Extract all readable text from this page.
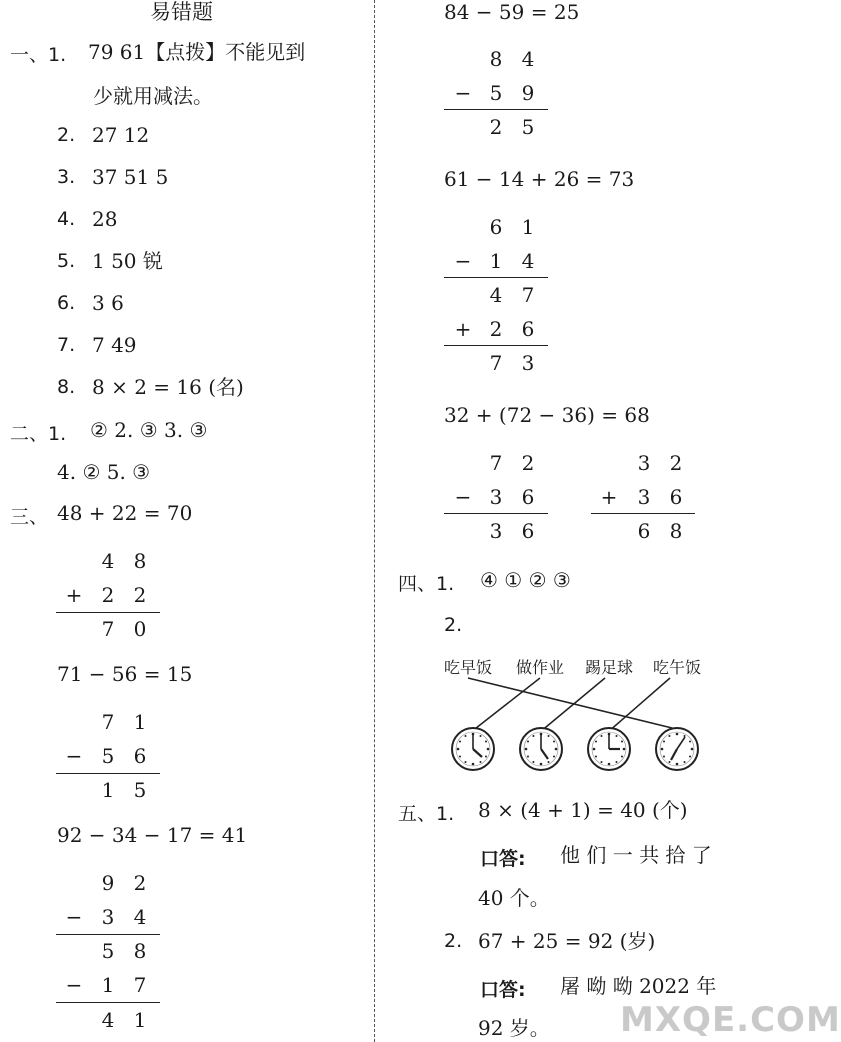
易错题
一、1. 79 61【点拨】不能见到
少就用减法。
2. 27 12
3. 37 51 5
4. 28
5. 1 50 锐
6. 3 6
7. 7 49
8. 8 × 2 = 16 (名)
二、1. ② 2. ③ 3. ③
4. ② 5. ③
三、 48 + 22 = 70
4 8
+ 2 2
7 0
71 − 56 = 15
7 1
− 5 6
1 5
92 − 34 − 17 = 41
9 2
− 3 4
5 8
− 1 7
4 1
84 − 59 = 25
8 4
− 5 9
2 5
61 − 14 + 26 = 73
6 1
− 1 4
4 7
+ 2 6
7 3
32 + (72 − 36) = 68
7 2
− 3 6
3 6
3 2
+ 3 6
6 8
四、1. ④ ① ② ③
2.
吃早饭 做作业 踢足球 吃午饭
五、1. 8 × (4 + 1) = 40 (个)
口答: 他 们 一 共 拾 了
40 个。
2. 67 + 25 = 92 (岁)
口答: 屠 呦 呦 2022 年
92 岁。 MXQE.COM
